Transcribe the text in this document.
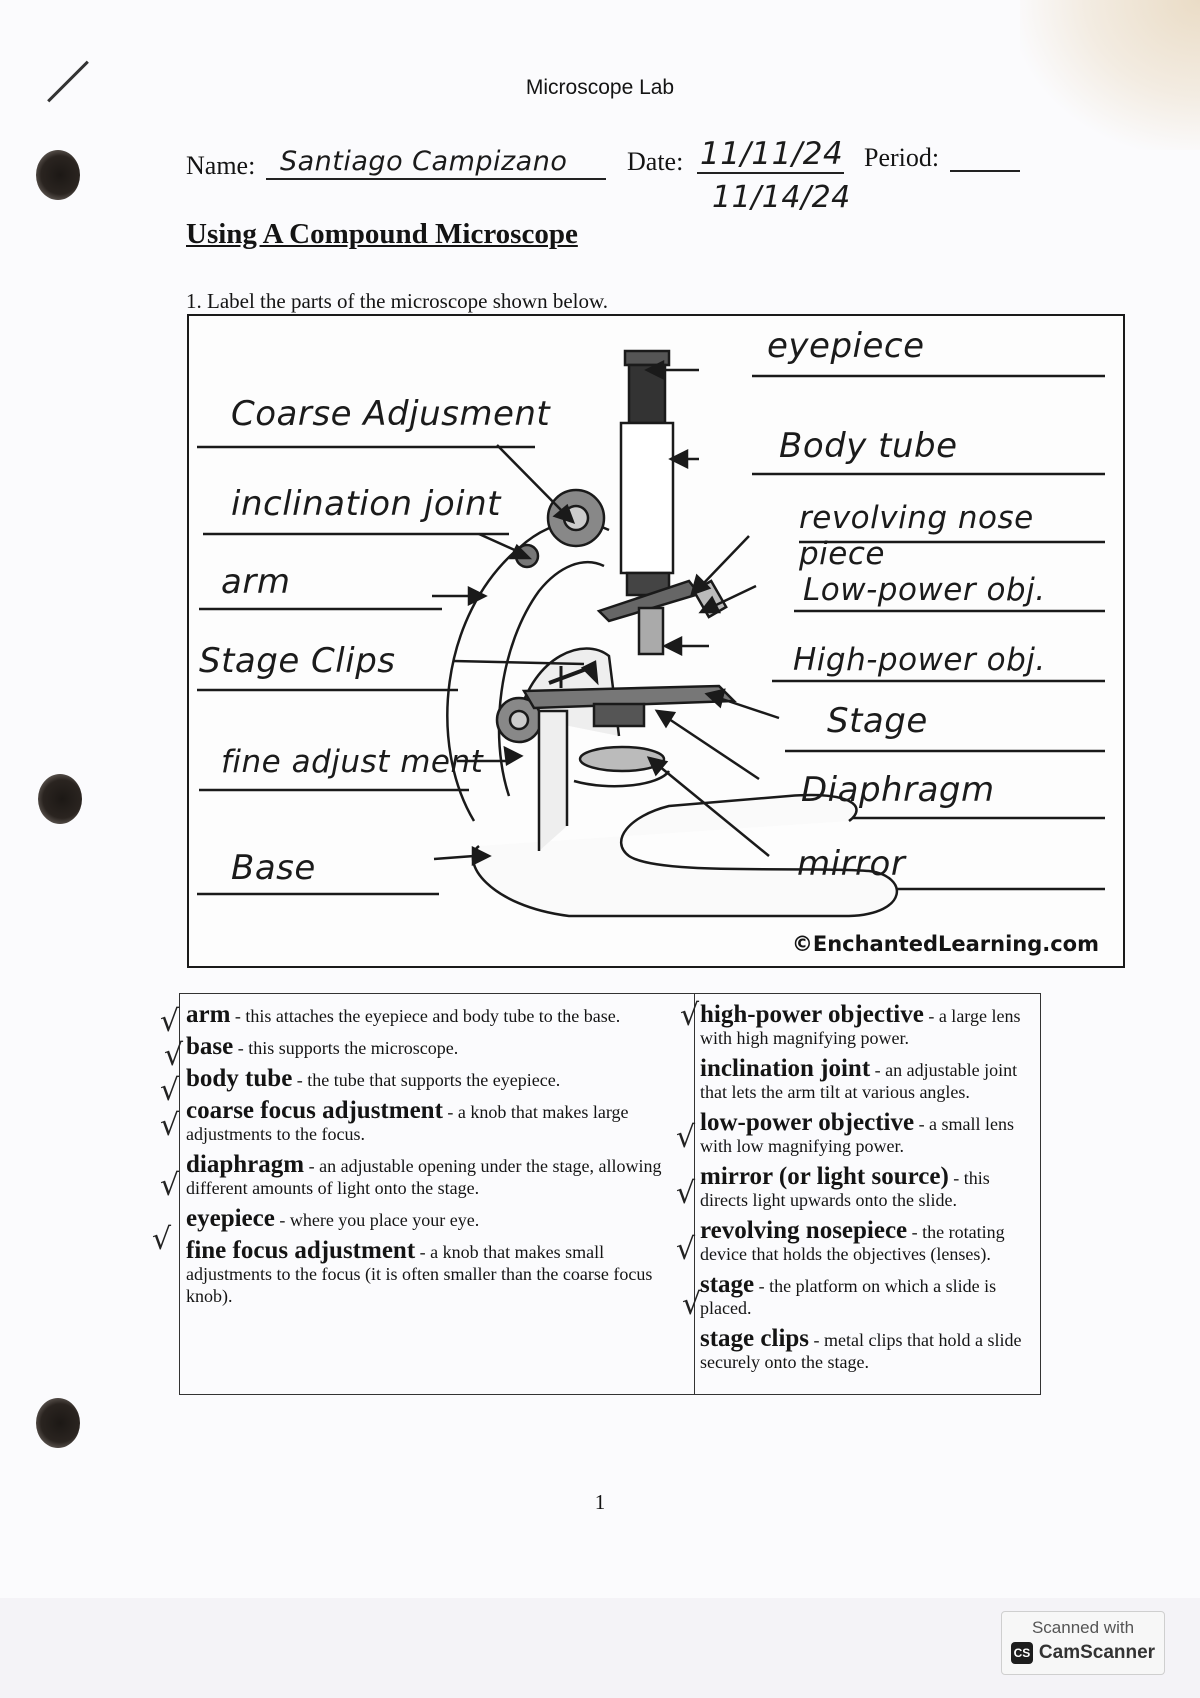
Microscope Lab
Name: Santiago Campizano Date: 11/11/24
11/14/24
Period:
Using A Compound Microscope
1. Label the parts of the microscope shown below.
Coarse Adjusment
inclination joint
arm
Stage Clips
fine adjust ment
Base
eyepiece
Body tube
revolving nose piece
Low-power obj.
High-power obj.
Stage
Diaphragm
mirror
©EnchantedLearning.com
arm - this attaches the eyepiece and body tube to the base.
base - this supports the microscope.
body tube - the tube that supports the eyepiece.
coarse focus adjustment - a knob that makes large adjustments to the focus.
diaphragm - an adjustable opening under the stage, allowing different amounts of light onto the stage.
eyepiece - where you place your eye.
fine focus adjustment - a knob that makes small adjustments to the focus (it is often smaller than the coarse focus knob).
high-power objective - a large lens with high magnifying power.
inclination joint - an adjustable joint that lets the arm tilt at various angles.
low-power objective - a small lens with low magnifying power.
mirror (or light source) - this directs light upwards onto the slide.
revolving nosepiece - the rotating device that holds the objectives (lenses).
stage - the platform on which a slide is placed.
stage clips - metal clips that hold a slide securely onto the stage.
√
√
√
√
√
√
√
√
√
√
√
1
Scanned with
CS CamScanner
